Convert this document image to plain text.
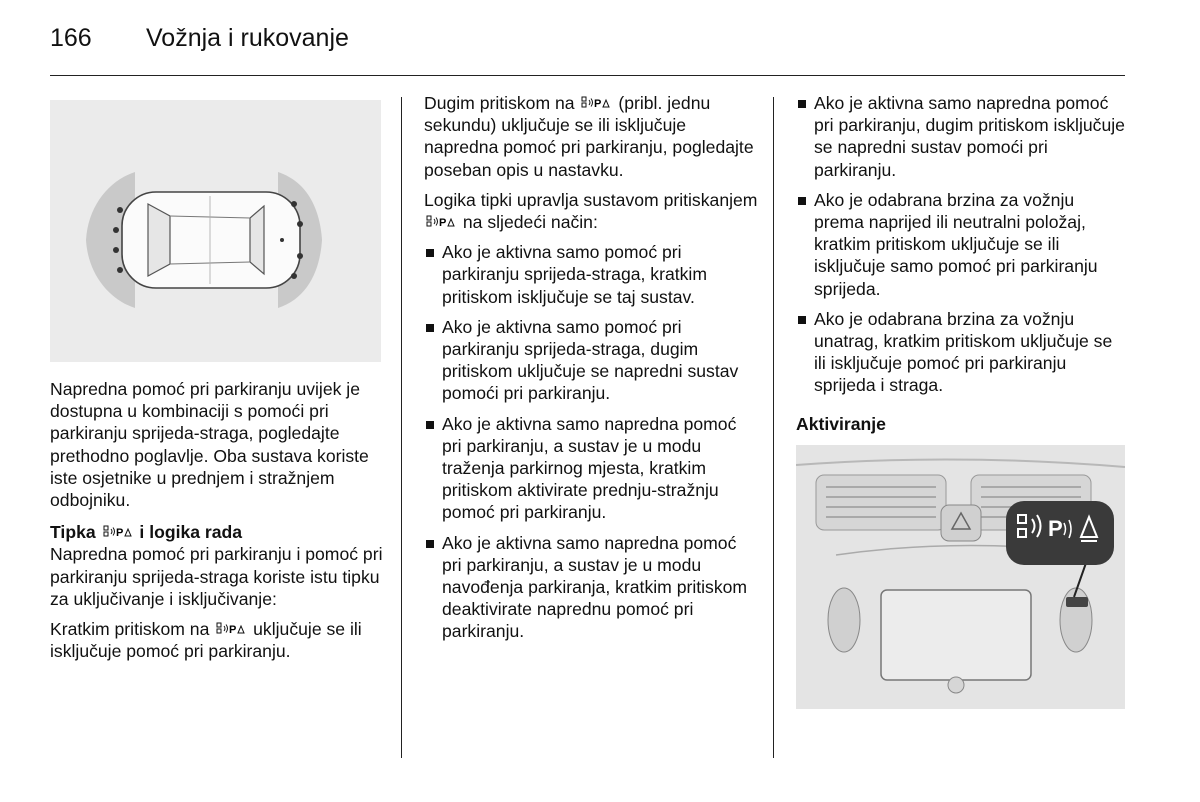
166 Vožnja i rukovanje

Napredna pomoć pri parkiranju uvijek je dostupna u kombinaciji s pomoći pri parkiranju sprijeda-straga, pogledajte prethodno poglavlje. Oba sustava koriste iste osjetnike u prednjem i stražnjem odbojniku.

Tipka P i logika rada

Napredna pomoć pri parkiranju i pomoć pri parkiranju sprijeda-straga koriste istu tipku za uključivanje i isključivanje:

Kratkim pritiskom na P uključuje se ili isključuje pomoć pri parkiranju.

Dugim pritiskom na P (pribl. jednu sekundu) uključuje se ili isključuje napredna pomoć pri parkiranju, pogledajte poseban opis u nastavku.

Logika tipki upravlja sustavom pritiskanjem
P na sljedeći način:

Ako je aktivna samo pomoć pri parkiranju sprijeda-straga, kratkim pritiskom isključuje se taj sustav.
Ako je aktivna samo pomoć pri parkiranju sprijeda-straga, dugim pritiskom uključuje se napredni sustav pomoći pri parkiranju.
Ako je aktivna samo napredna pomoć pri parkiranju, a sustav je u modu traženja parkirnog mjesta, kratkim pritiskom aktivirate prednju-stražnju pomoć pri parkiranju.
Ako je aktivna samo napredna pomoć pri parkiranju, a sustav je u modu navođenja parkiranja, kratkim pritiskom deaktivirate naprednu pomoć pri parkiranju.
Ako je aktivna samo napredna pomoć pri parkiranju, dugim pritiskom isključuje se napredni sustav pomoći pri parkiranju.
Ako je odabrana brzina za vožnju prema naprijed ili neutralni položaj, kratkim pritiskom uključuje se ili isključuje samo pomoć pri parkiranju sprijeda.
Ako je odabrana brzina za vožnju unatrag, kratkim pritiskom uključuje se ili isključuje pomoć pri parkiranju sprijeda i straga.

Aktiviranje

P
